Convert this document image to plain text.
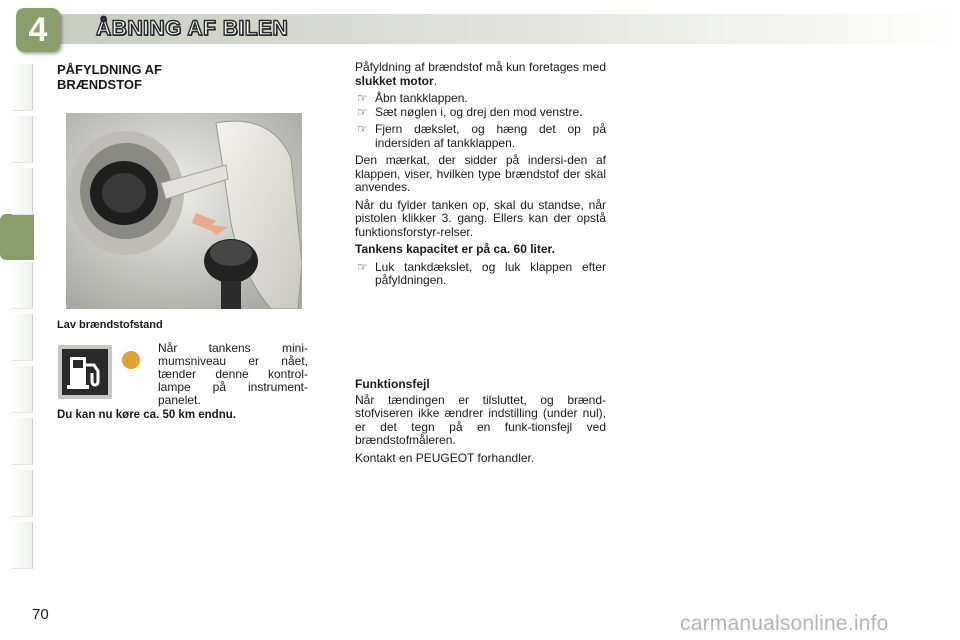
4	ÅBNING AF BILEN
PÅFYLDNING AF
BRÆNDSTOF
Lav brændstofstand
Når tankens mini-mumsniveau er nået, tænder denne kontrol-lampe på instrument-panelet.
Du kan nu køre ca. 50 km endnu.

Påfyldning af brændstof må kun foretages med slukket motor.

☞ Åbn tankklappen.
☞ Sæt nøglen i, og drej den mod venstre.
☞ Fjern dækslet, og hæng det op på indersiden af tankklappen.

Den mærkat, der sidder på indersi-den af klappen, viser, hvilken type brændstof der skal anvendes.

Når du fylder tanken op, skal du standse, når pistolen klikker 3. gang. Ellers kan der opstå funktionsforstyr-relser.

Tankens kapacitet er på ca. 60 liter.

☞ Luk tankdækslet, og luk klappen efter påfyldningen.

Funktionsfejl

Når tændingen er tilsluttet, og brænd-stofviseren ikke ændrer indstilling (under nul), er det tegn på en funk-tionsfejl ved brændstofmåleren.

Kontakt en PEUGEOT forhandler.

70	carmanualsonline.info
